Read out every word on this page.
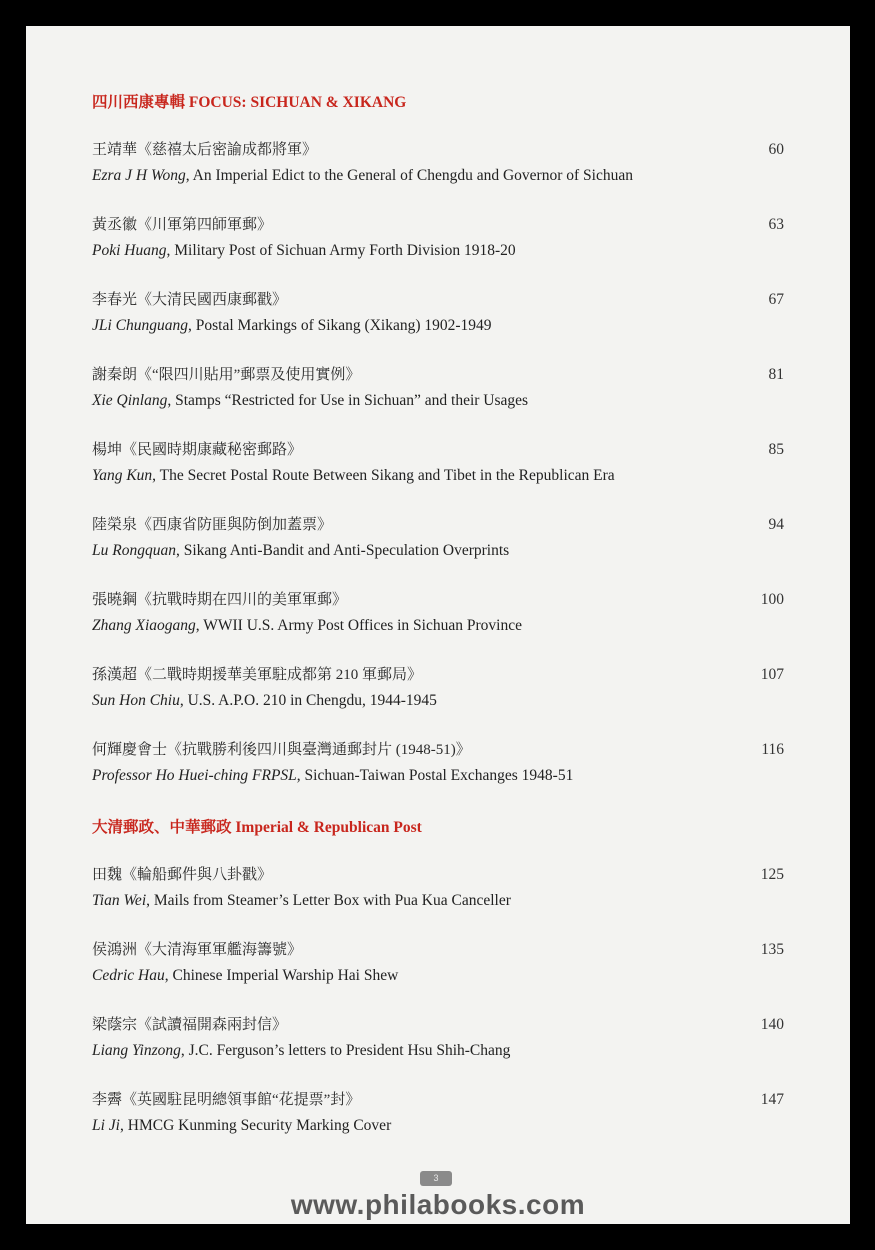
四川西康專輯 FOCUS: SICHUAN & XIKANG
王靖華《慈禧太后密諭成都將軍》
Ezra J H Wong, An Imperial Edict to the General of Chengdu and Governor of Sichuan
60
黃丞徽《川軍第四師軍郵》
Poki Huang, Military Post of Sichuan Army Forth Division 1918-20
63
李春光《大清民國西康郵戳》
JLi Chunguang, Postal Markings of Sikang (Xikang) 1902-1949
67
謝秦朗《“限四川貼用”郵票及使用實例》
Xie Qinlang, Stamps “Restricted for Use in Sichuan” and their Usages
81
楊坤《民國時期康藏秘密郵路》
Yang Kun, The Secret Postal Route Between Sikang and Tibet in the Republican Era
85
陸榮泉《西康省防匪與防倒加蓋票》
Lu Rongquan, Sikang Anti-Bandit and Anti-Speculation Overprints
94
張曉鋼《抗戰時期在四川的美軍軍郵》
Zhang Xiaogang, WWII U.S. Army Post Offices in Sichuan Province
100
孫漢超《二戰時期援華美軍駐成都第 210 軍郵局》
Sun Hon Chiu, U.S. A.P.O. 210 in Chengdu, 1944-1945
107
何輝慶會士《抗戰勝利後四川與臺灣通郵封片 (1948-51)》
Professor Ho Huei-ching FRPSL, Sichuan-Taiwan Postal Exchanges 1948-51
116
大清郵政、中華郵政 Imperial & Republican Post
田魏《輪船郵件與八卦戳》
Tian Wei, Mails from Steamer’s Letter Box with Pua Kua Canceller
125
侯鴻洲《大清海軍軍艦海籌號》
Cedric Hau, Chinese Imperial Warship Hai Shew
135
梁蔭宗《試讀福開森兩封信》
Liang Yinzong, J.C. Ferguson’s letters to President Hsu Shih-Chang
140
李霽《英國駐昆明總領事館“花提票”封》
Li Ji, HMCG Kunming Security Marking Cover
147
3
www.philabooks.com
